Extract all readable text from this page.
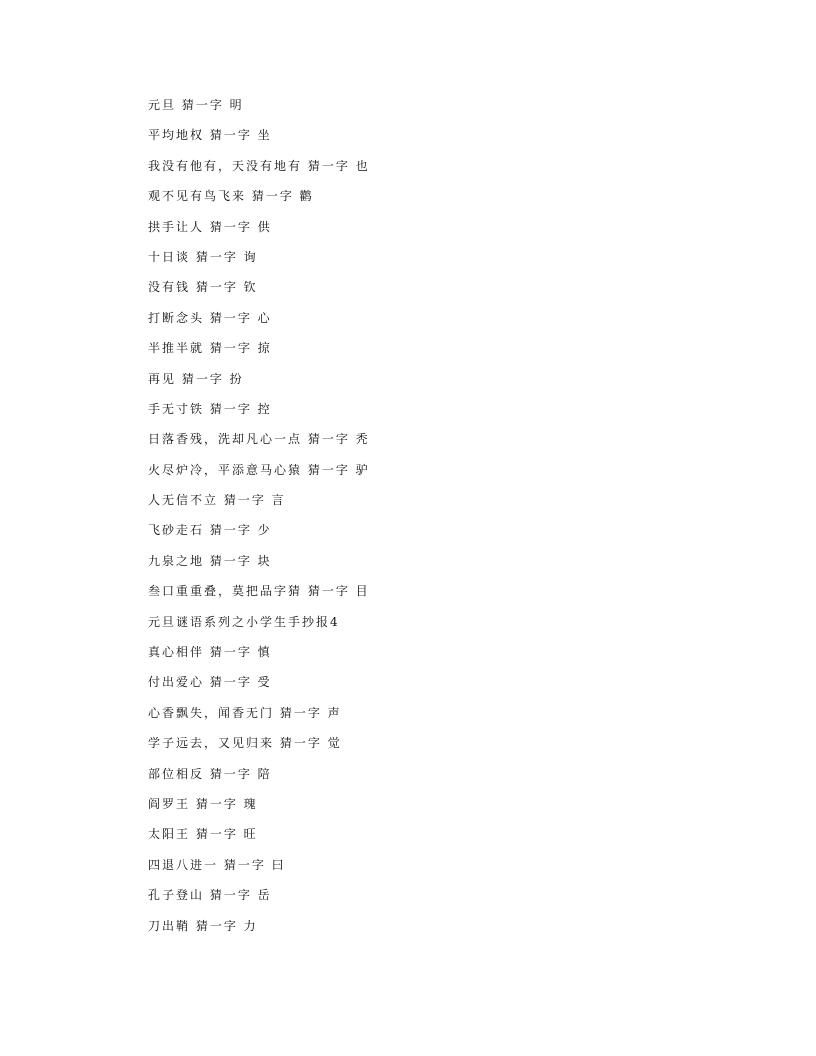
元旦 猜一字 明
平均地权 猜一字 坐
我没有他有，天没有地有 猜一字 也
观不见有鸟飞来 猜一字 鹳
拱手让人 猜一字 供
十日谈 猜一字 询
没有钱 猜一字 钦
打断念头 猜一字 心
半推半就 猜一字 掠
再见 猜一字 扮
手无寸铁 猜一字 控
日落香残，洗却凡心一点 猜一字 秃
火尽炉冷，平添意马心猿 猜一字 驴
人无信不立 猜一字 言
飞砂走石 猜一字 少
九泉之地 猜一字 块
叁口重重叠，莫把品字猜 猜一字 目
元旦谜语系列之小学生手抄报4
真心相伴 猜一字 慎
付出爱心 猜一字 受
心香飘失，闻香无门 猜一字 声
学子远去，又见归来 猜一字 觉
部位相反 猜一字 陪
阎罗王 猜一字 瑰
太阳王 猜一字 旺
四退八进一 猜一字 曰
孔子登山 猜一字 岳
刀出鞘 猜一字 力
